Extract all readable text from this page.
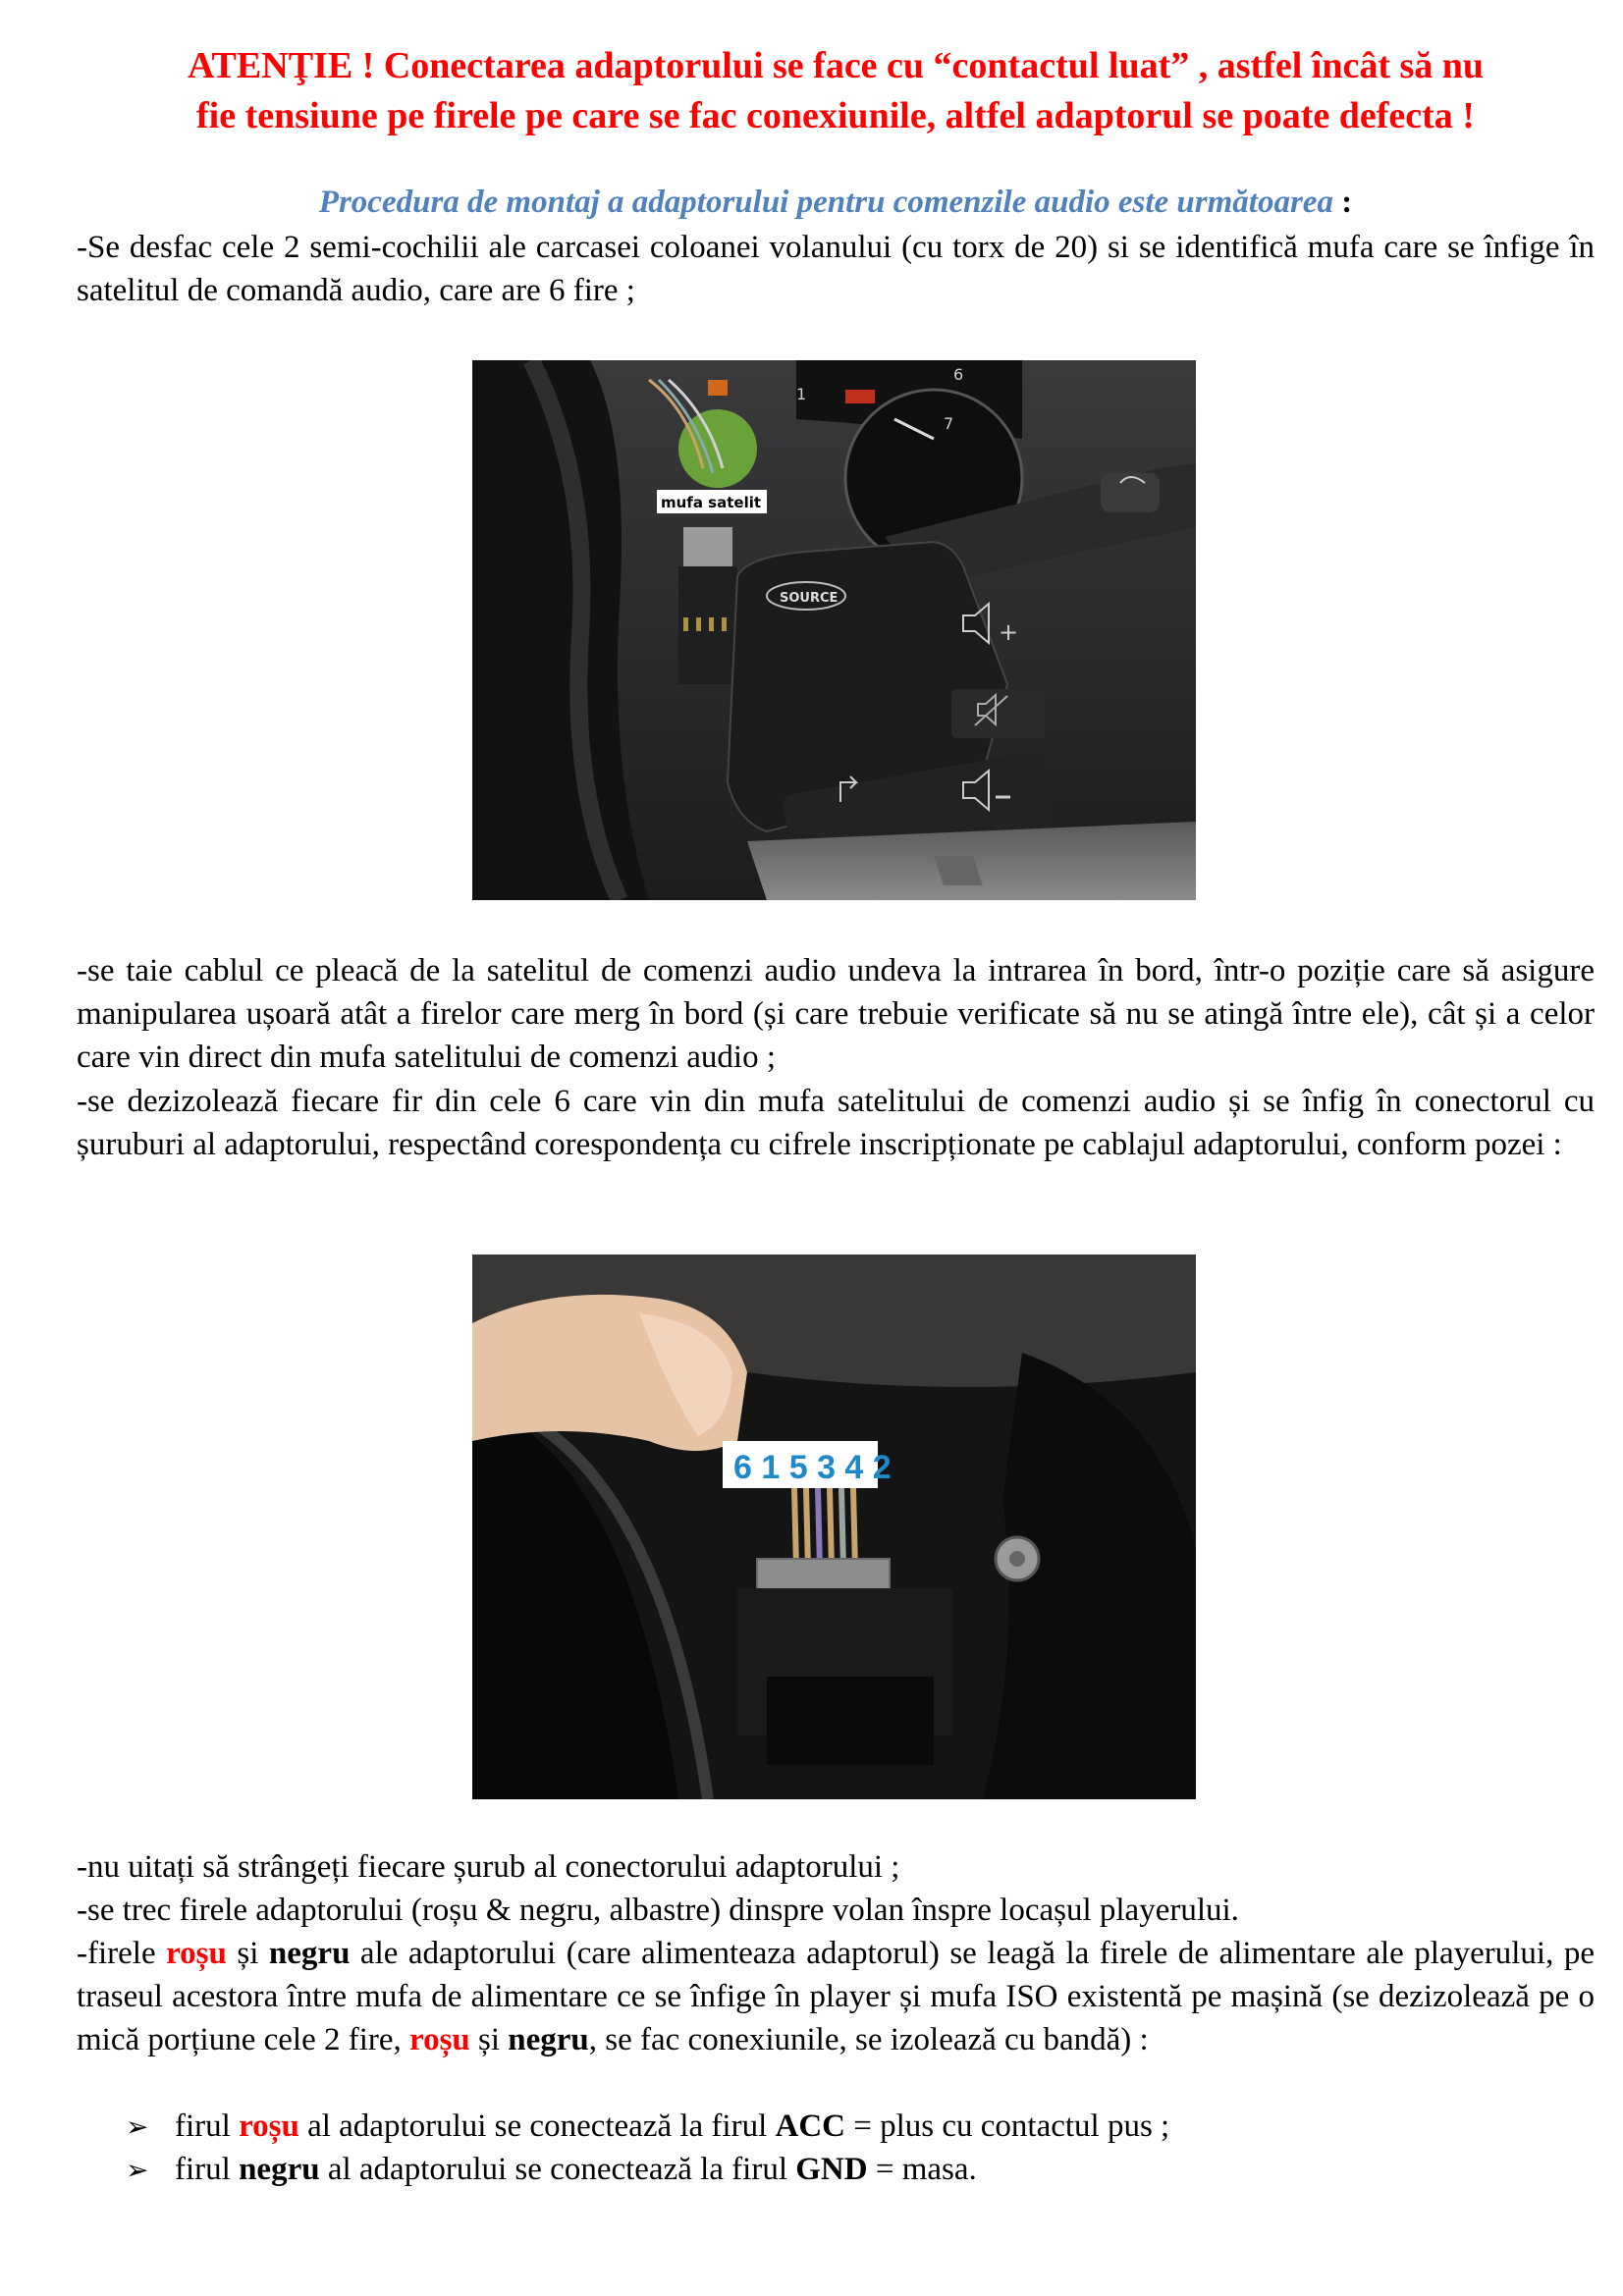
ATENŢIE ! Conectarea adaptorului se face cu “contactul luat” , astfel încât să nu
fie tensiune pe firele pe care se fac conexiunile, altfel adaptorul se poate defecta !
Procedura de montaj a adaptorului pentru comenzile audio este următoarea :
-Se desfac cele 2 semi-cochilii ale carcasei coloanei volanului (cu torx de 20) si se identifică mufa care se înfige în satelitul de comandă audio, care are 6 fire ;
1
6
7
mufa satelit
SOURCE
+
-se taie cablul ce pleacă de la satelitul de comenzi audio undeva la intrarea în bord, într-o poziție care să asigure manipularea ușoară atât a firelor care merg în bord (și care trebuie verificate să nu se atingă între ele), cât și a celor care vin direct din mufa satelitului de comenzi audio ;
-se dezizolează fiecare fir din cele 6 care vin din mufa satelitului de comenzi audio și se înfig în conectorul cu șuruburi al adaptorului, respectând corespondența cu cifrele inscripționate pe cablajul adaptorului, conform pozei :
6 1 5 3 4 2
-nu uitați să strângeți fiecare șurub al conectorului adaptorului ;
-se trec firele adaptorului (roșu & negru, albastre) dinspre volan înspre locașul playerului.
-firele roșu și negru ale adaptorului (care alimenteaza adaptorul) se leagă la firele de alimentare ale playerului, pe traseul acestora între mufa de alimentare ce se înfige în player și mufa ISO existentă pe mașină (se dezizolează pe o mică porțiune cele 2 fire, roșu și negru, se fac conexiunile, se izolează cu bandă) :
➢ firul roșu al adaptorului se conectează la firul ACC = plus cu contactul pus ;
➢ firul negru al adaptorului se conectează la firul GND = masa.
